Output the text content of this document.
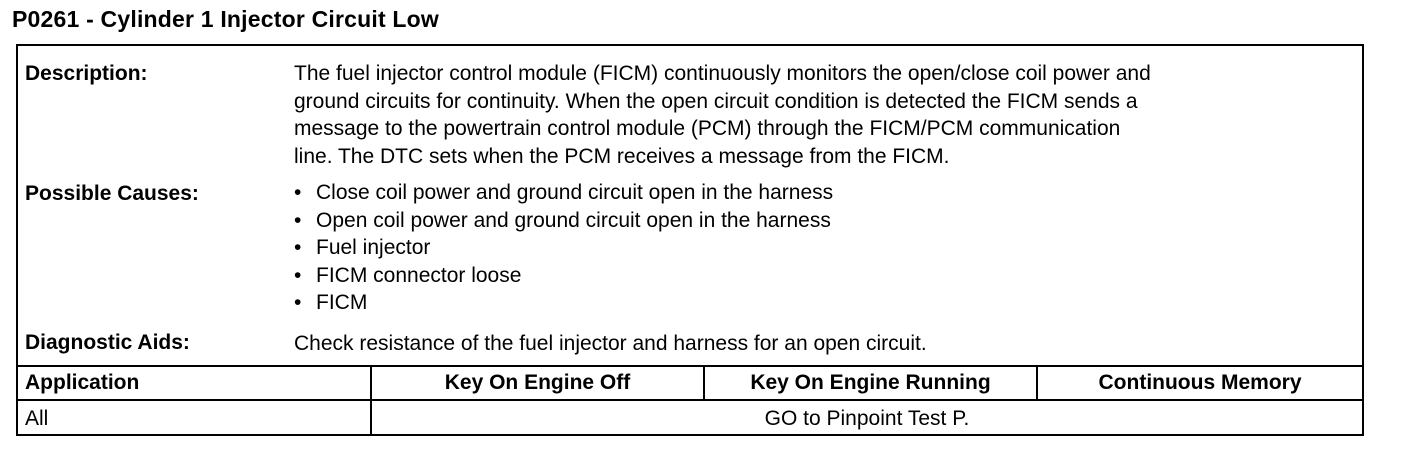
P0261 - Cylinder 1 Injector Circuit Low
Description:	The fuel injector control module (FICM) continuously monitors the open/close coil power and
ground circuits for continuity. When the open circuit condition is detected the FICM sends a
message to the powertrain control module (PCM) through the FICM/PCM communication
line. The DTC sets when the PCM receives a message from the FICM.
Possible Causes:	• Close coil power and ground circuit open in the harness
• Open coil power and ground circuit open in the harness
• Fuel injector
• FICM connector loose
• FICM
Diagnostic Aids:	Check resistance of the fuel injector and harness for an open circuit.
Application	Key On Engine Off	Key On Engine Running	Continuous Memory
All	GO to Pinpoint Test P.
